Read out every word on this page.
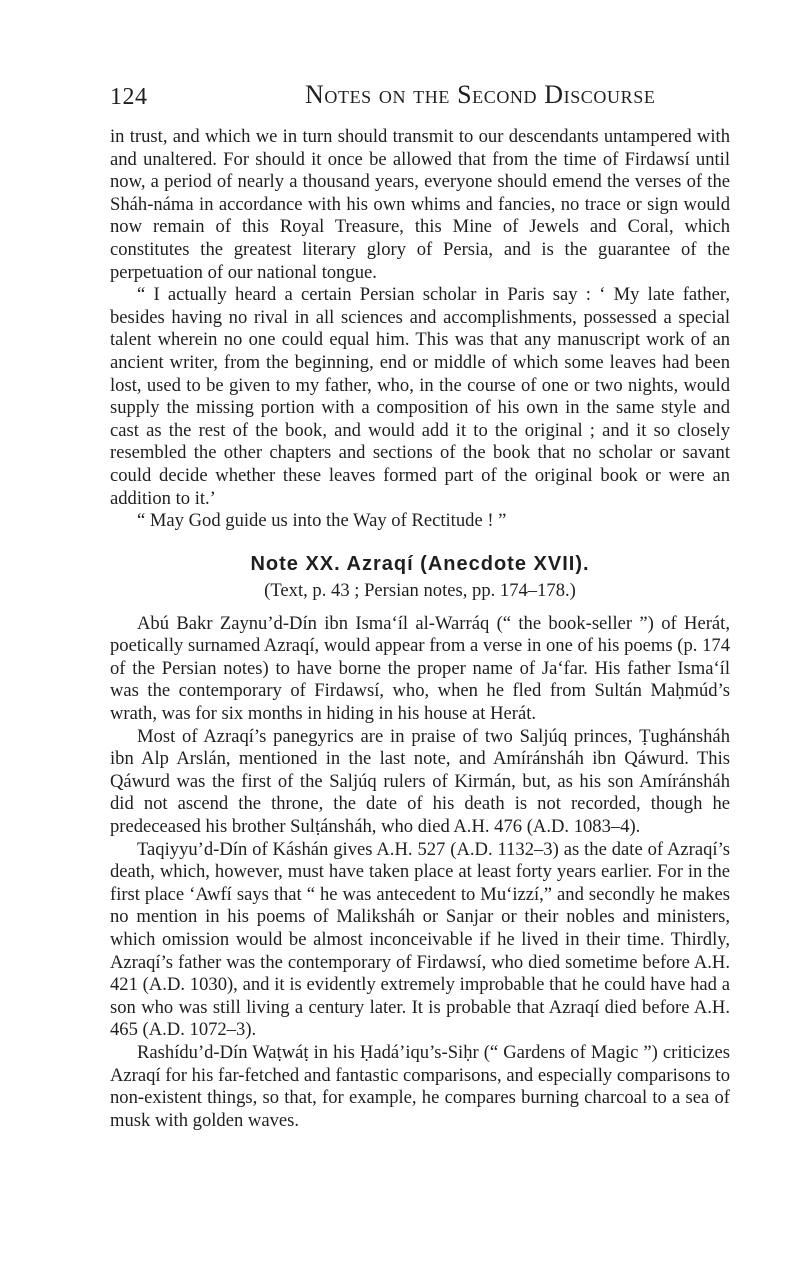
124	Notes on the Second Discourse

in trust, and which we in turn should transmit to our descendants untampered with and unaltered. For should it once be allowed that from the time of Firdawsí until now, a period of nearly a thousand years, everyone should emend the verses of the Sháh-náma in accordance with his own whims and fancies, no trace or sign would now remain of this Royal Treasure, this Mine of Jewels and Coral, which constitutes the greatest literary glory of Persia, and is the guarantee of the perpetuation of our national tongue.

“ I actually heard a certain Persian scholar in Paris say : ‘ My late father, besides having no rival in all sciences and accomplishments, possessed a special talent wherein no one could equal him. This was that any manuscript work of an ancient writer, from the beginning, end or middle of which some leaves had been lost, used to be given to my father, who, in the course of one or two nights, would supply the missing portion with a composition of his own in the same style and cast as the rest of the book, and would add it to the original ; and it so closely resembled the other chapters and sections of the book that no scholar or savant could decide whether these leaves formed part of the original book or were an addition to it.’

“ May God guide us into the Way of Rectitude ! ”

Note XX. Azraqí (Anecdote XVII).
(Text, p. 43 ; Persian notes, pp. 174–178.)

Abú Bakr Zaynu’d-Dín ibn Isma‘íl al-Warráq (“ the book-seller ”) of Herát, poetically surnamed Azraqí, would appear from a verse in one of his poems (p. 174 of the Persian notes) to have borne the proper name of Ja‘far. His father Isma‘íl was the contemporary of Firdawsí, who, when he fled from Sultán Maḥmúd’s wrath, was for six months in hiding in his house at Herát.

Most of Azraqí’s panegyrics are in praise of two Saljúq princes, Ṭughánsháh ibn Alp Arslán, mentioned in the last note, and Amíránsháh ibn Qáwurd. This Qáwurd was the first of the Saljúq rulers of Kirmán, but, as his son Amíránsháh did not ascend the throne, the date of his death is not recorded, though he predeceased his brother Sulṭánsháh, who died A.H. 476 (A.D. 1083–4).

Taqiyyu’d-Dín of Káshán gives A.H. 527 (A.D. 1132–3) as the date of Azraqí’s death, which, however, must have taken place at least forty years earlier. For in the first place ‘Awfí says that “ he was antecedent to Mu‘izzí,” and secondly he makes no mention in his poems of Maliksháh or Sanjar or their nobles and ministers, which omission would be almost inconceivable if he lived in their time. Thirdly, Azraqí’s father was the contemporary of Firdawsí, who died sometime before A.H. 421 (A.D. 1030), and it is evidently extremely improbable that he could have had a son who was still living a century later. It is probable that Azraqí died before A.H. 465 (A.D. 1072–3).

Rashídu’d-Dín Waṭwáṭ in his Ḥadá’iqu’s-Siḥr (“ Gardens of Magic ”) criticizes Azraqí for his far-fetched and fantastic comparisons, and especially comparisons to non-existent things, so that, for example, he compares burning charcoal to a sea of musk with golden waves.
